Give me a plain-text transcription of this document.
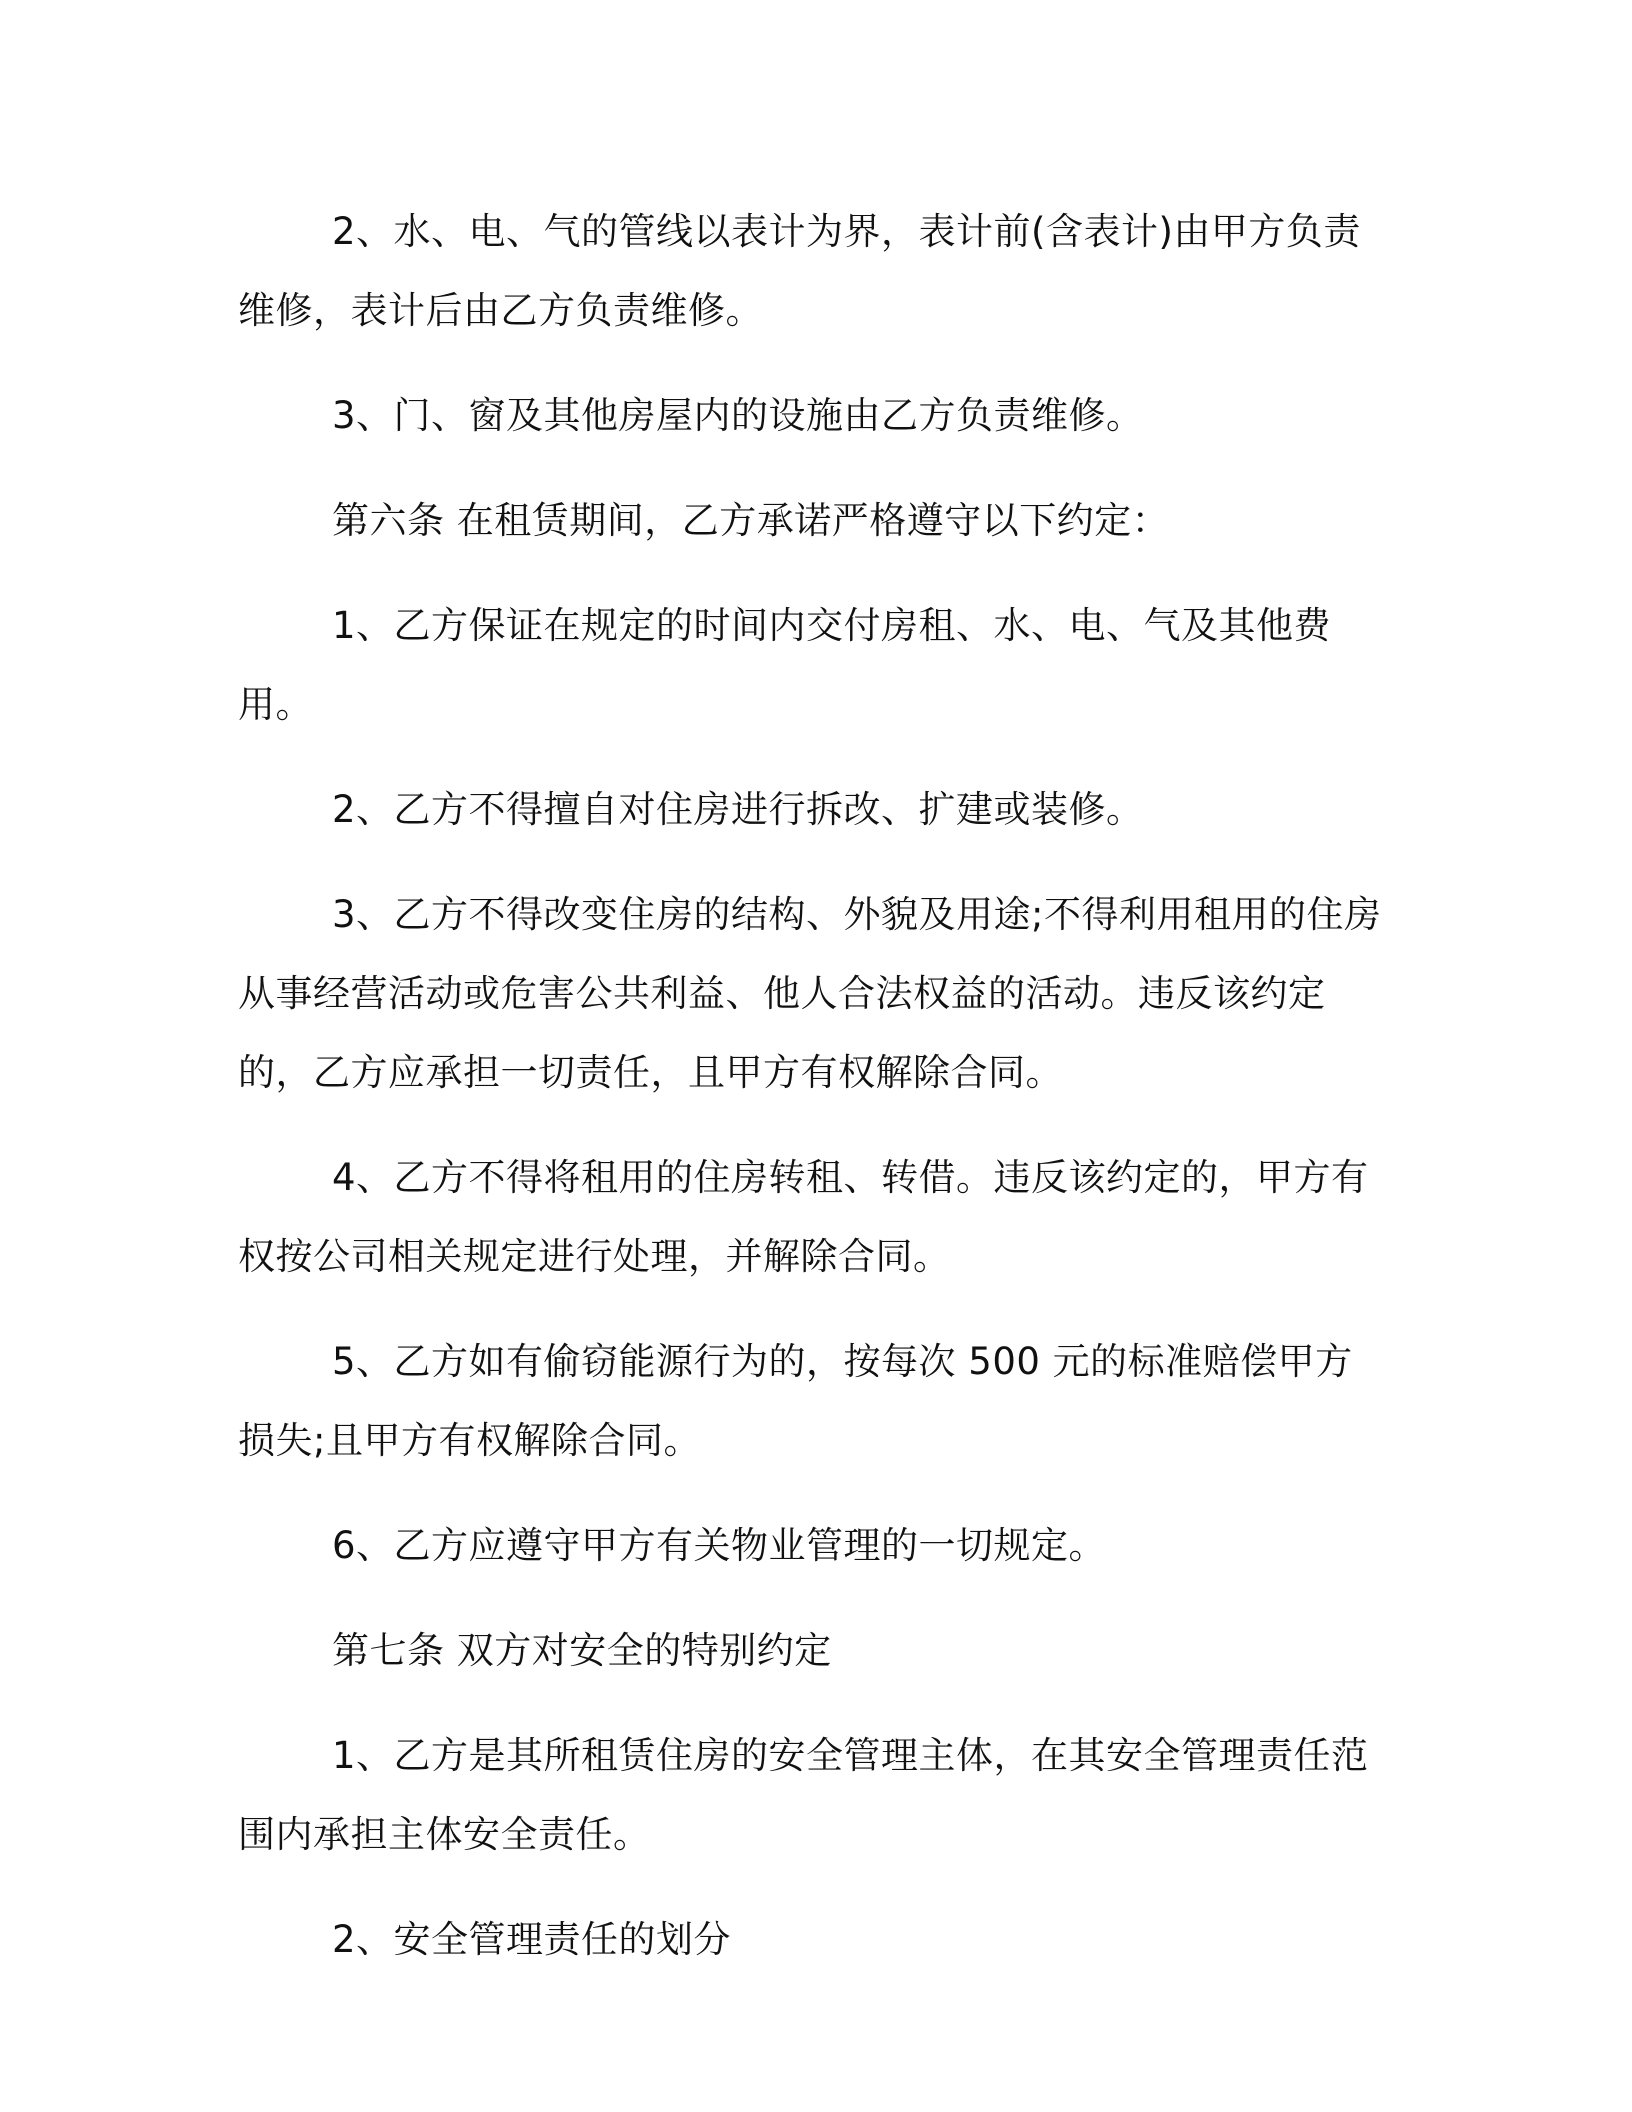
2、水、电、气的管线以表计为界，表计前(含表计)由甲方负责维修，表计后由乙方负责维修。

3、门、窗及其他房屋内的设施由乙方负责维修。

第六条 在租赁期间，乙方承诺严格遵守以下约定：

1、乙方保证在规定的时间内交付房租、水、电、气及其他费用。

2、乙方不得擅自对住房进行拆改、扩建或装修。

3、乙方不得改变住房的结构、外貌及用途;不得利用租用的住房从事经营活动或危害公共利益、他人合法权益的活动。违反该约定的，乙方应承担一切责任，且甲方有权解除合同。

4、乙方不得将租用的住房转租、转借。违反该约定的，甲方有权按公司相关规定进行处理，并解除合同。

5、乙方如有偷窃能源行为的，按每次 500 元的标准赔偿甲方损失;且甲方有权解除合同。

6、乙方应遵守甲方有关物业管理的一切规定。

第七条 双方对安全的特别约定

1、乙方是其所租赁住房的安全管理主体，在其安全管理责任范围内承担主体安全责任。

2、安全管理责任的划分
